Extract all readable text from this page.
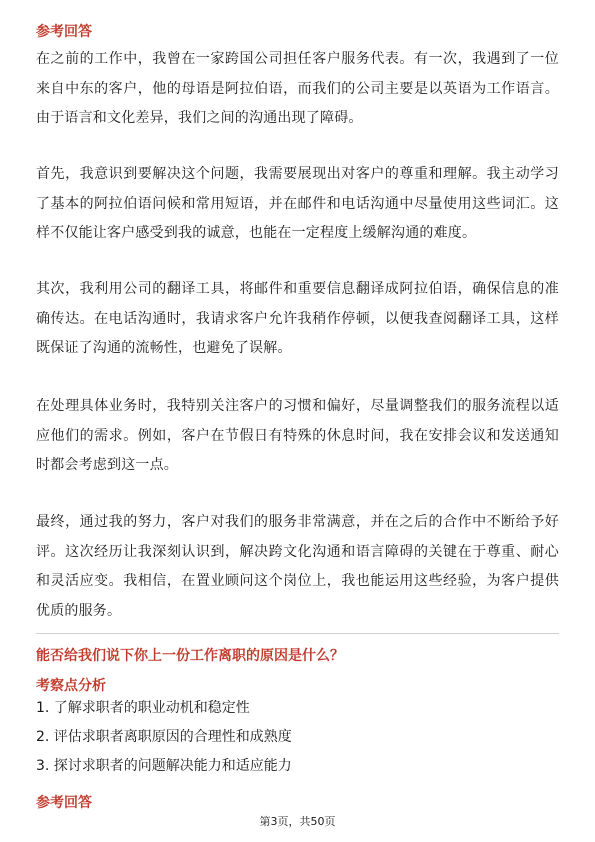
参考回答

在之前的工作中，我曾在一家跨国公司担任客户服务代表。有一次，我遇到了一位来自中东的客户，他的母语是阿拉伯语，而我们的公司主要是以英语为工作语言。由于语言和文化差异，我们之间的沟通出现了障碍。

首先，我意识到要解决这个问题，我需要展现出对客户的尊重和理解。我主动学习了基本的阿拉伯语问候和常用短语，并在邮件和电话沟通中尽量使用这些词汇。这样不仅能让客户感受到我的诚意，也能在一定程度上缓解沟通的难度。

其次，我利用公司的翻译工具，将邮件和重要信息翻译成阿拉伯语，确保信息的准确传达。在电话沟通时，我请求客户允许我稍作停顿，以便我查阅翻译工具，这样既保证了沟通的流畅性，也避免了误解。

在处理具体业务时，我特别关注客户的习惯和偏好，尽量调整我们的服务流程以适应他们的需求。例如，客户在节假日有特殊的休息时间，我在安排会议和发送通知时都会考虑到这一点。

最终，通过我的努力，客户对我们的服务非常满意，并在之后的合作中不断给予好评。这次经历让我深刻认识到，解决跨文化沟通和语言障碍的关键在于尊重、耐心和灵活应变。我相信，在置业顾问这个岗位上，我也能运用这些经验，为客户提供优质的服务。

能否给我们说下你上一份工作离职的原因是什么？

考察点分析

1. 了解求职者的职业动机和稳定性
2. 评估求职者离职原因的合理性和成熟度
3. 探讨求职者的问题解决能力和适应能力

参考回答

第3页，共50页
